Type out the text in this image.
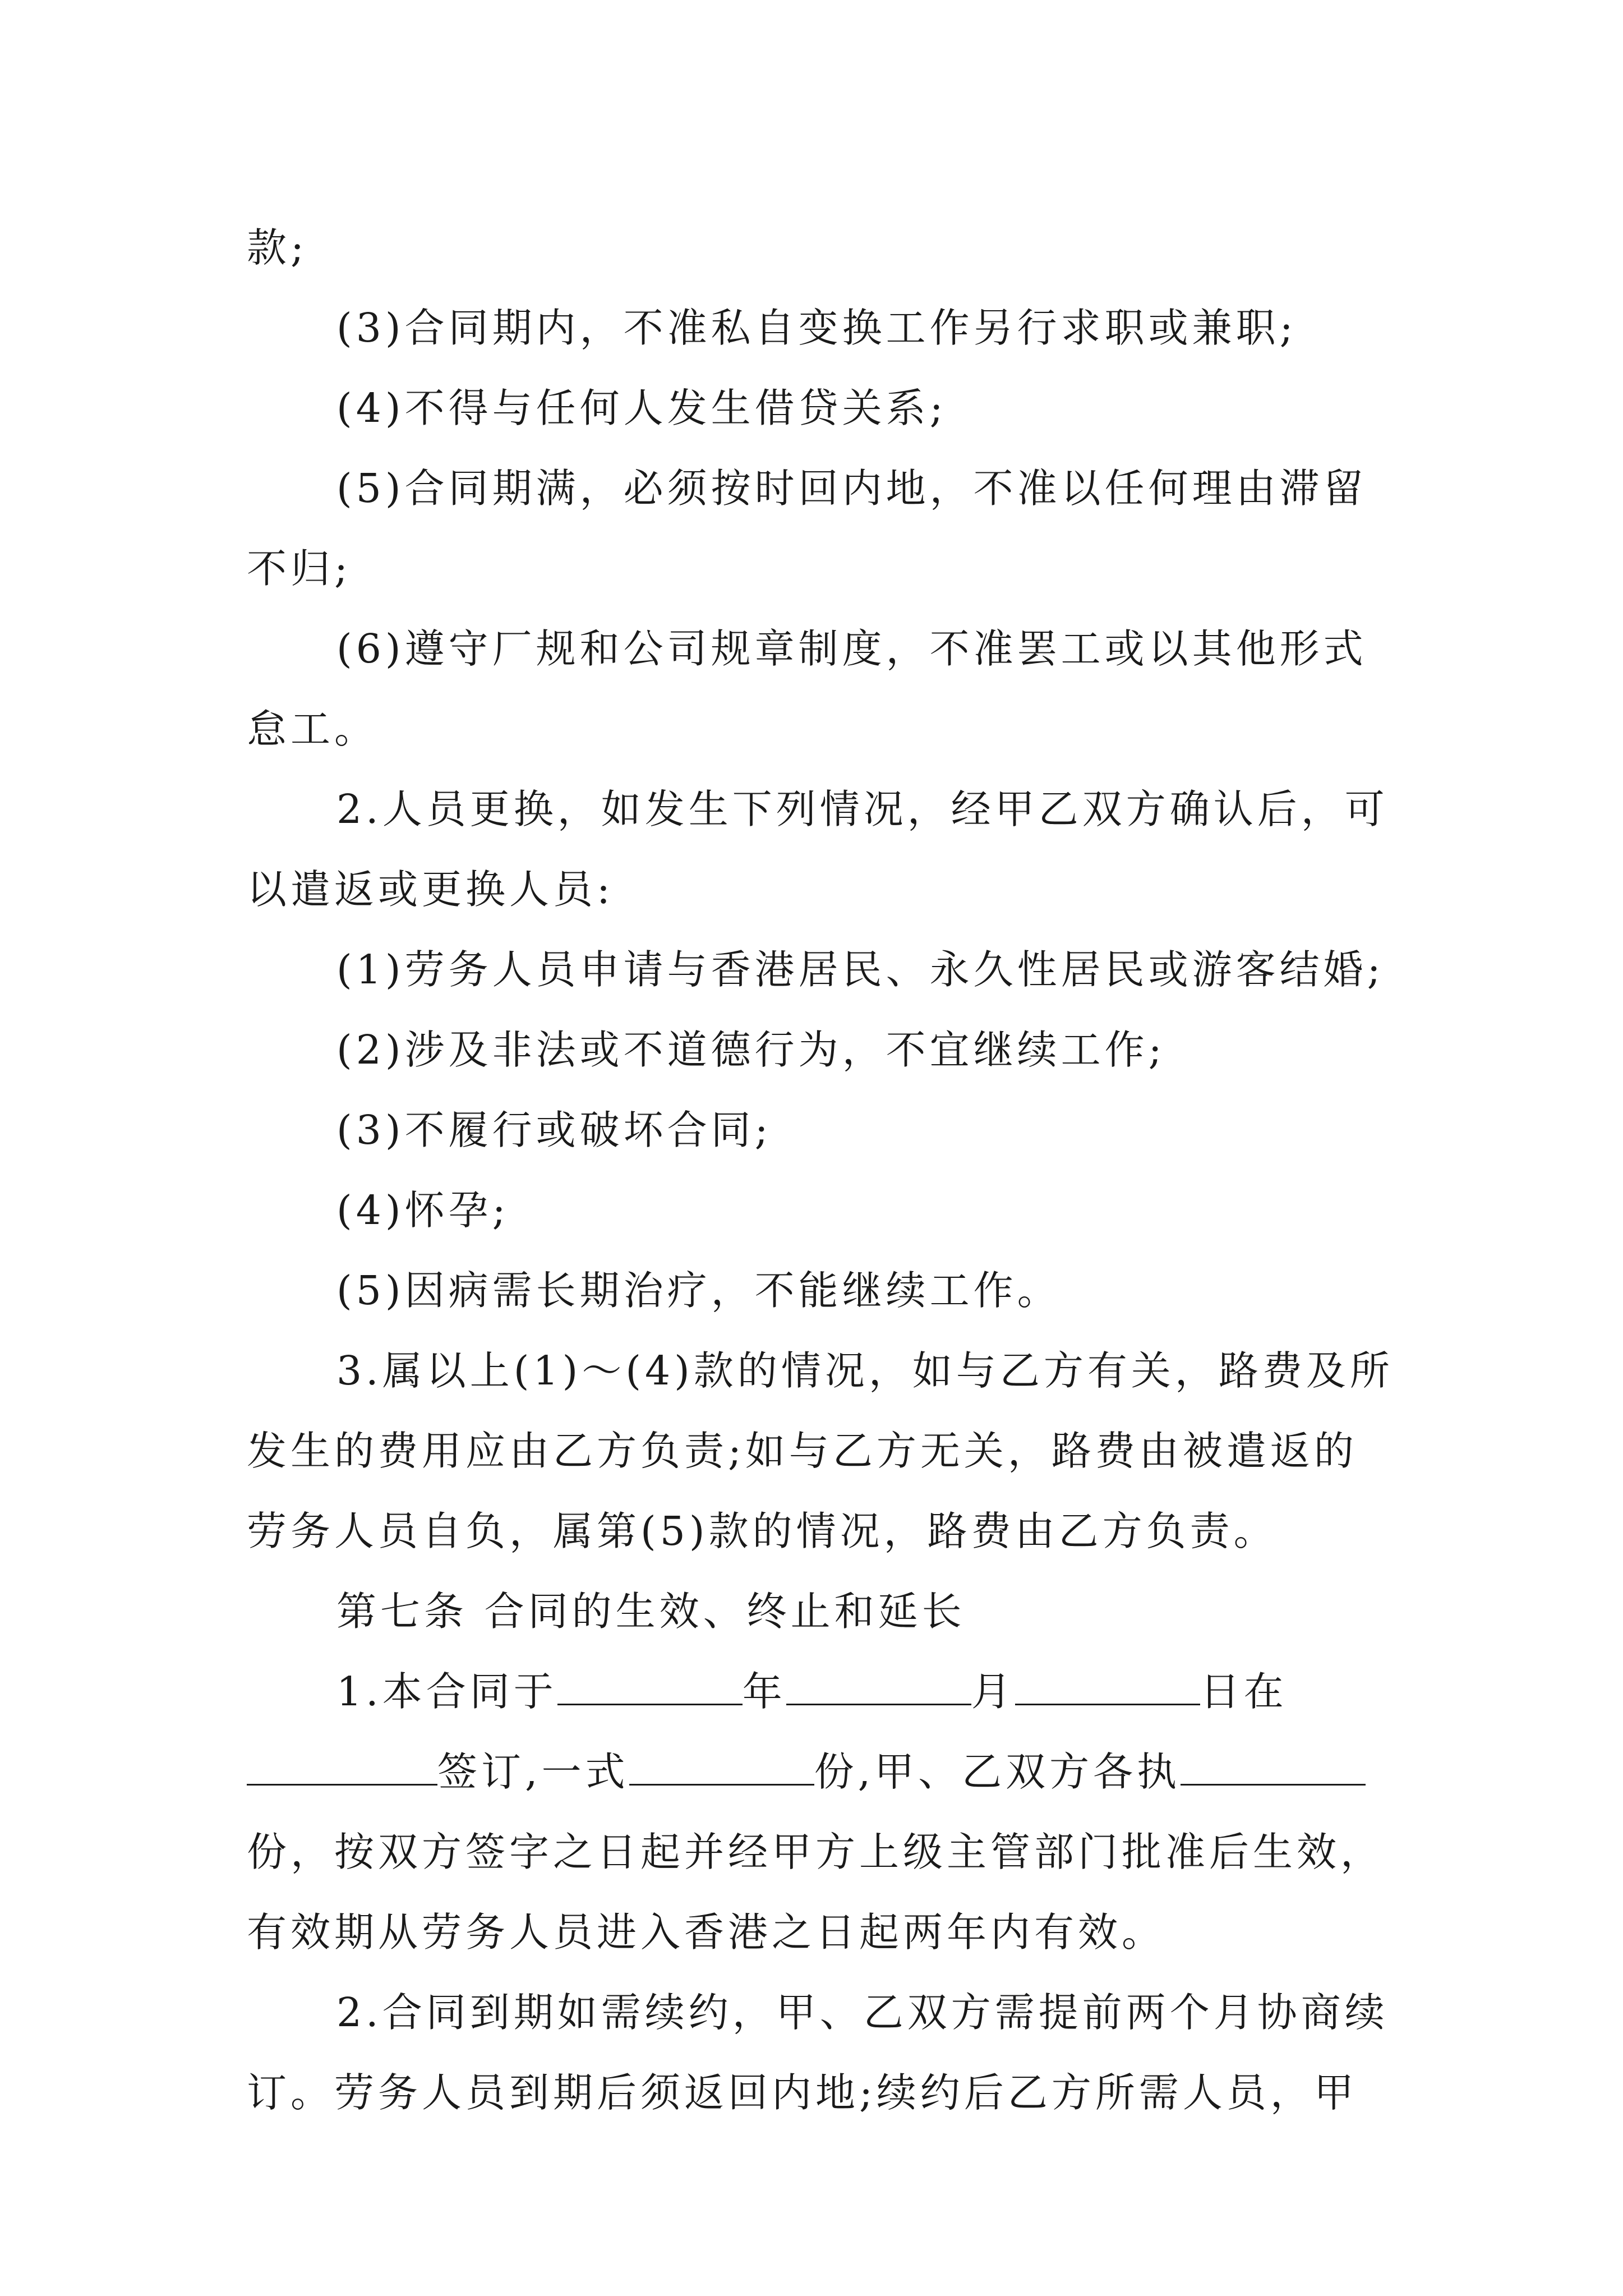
款;
(3)合同期内，不准私自变换工作另行求职或兼职;
(4)不得与任何人发生借贷关系;
(5)合同期满，必须按时回内地，不准以任何理由滞留
不归;
(6)遵守厂规和公司规章制度，不准罢工或以其他形式
怠工。
2.人员更换，如发生下列情况，经甲乙双方确认后，可
以遣返或更换人员:
(1)劳务人员申请与香港居民、永久性居民或游客结婚;
(2)涉及非法或不道德行为，不宜继续工作;
(3)不履行或破坏合同;
(4)怀孕;
(5)因病需长期治疗，不能继续工作。
3.属以上(1)～(4)款的情况，如与乙方有关，路费及所
发生的费用应由乙方负责;如与乙方无关，路费由被遣返的
劳务人员自负，属第(5)款的情况，路费由乙方负责。
第七条 合同的生效、终止和延长
1.本合同于	年	月	日在
签订,一式	份,甲、乙双方各执
份，按双方签字之日起并经甲方上级主管部门批准后生效，
有效期从劳务人员进入香港之日起两年内有效。
2.合同到期如需续约，甲、乙双方需提前两个月协商续
订。劳务人员到期后须返回内地;续约后乙方所需人员，甲
